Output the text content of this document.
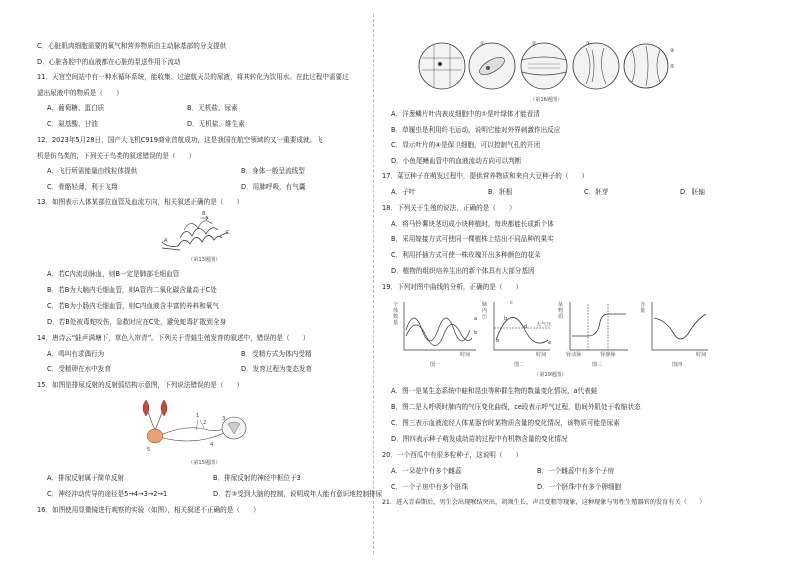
C．心脏肌肉细胞需要的氧气和营养物质由主动脉基部的分支提供
D．心脏各腔中的血液都在心脏的泵送作用下流动
11．天宫空间站中有一种水循环系统，能收集、过滤航天员的尿液，将其转化为饮用水。在此过程中需要过
滤出尿液中的物质是（　　）
A．葡萄糖、蛋白质	B．无机盐、尿素
C．氨基酸、甘油	D．无机盐、维生素
12．2023年5月28日，国产大飞机C919商业首航成功，这是我国在航空领域的又一重要成就。飞
机是仿鸟类的，下列关于鸟类的叙述错误的是（　　）
A．飞行所需能量由线粒体提供	B．身体一般呈流线型
C．骨骼轻薄，利于飞翔	D．用肺呼吸，有气囊
13．如图表示人体某部位血管及血流方向，相关叙述正确的是（　　）
B
A
C
（第13题图）
A．若C内流动脉血，则B一定是肺部毛细血管
B．若B为大脑内毛细血管，则A管内二氧化碳含量高于C处
C．若B为小肠内毛细血管，则C内血液含丰富的养料和氧气
D．若B处被毒蛇咬伤，急救时应在C处，避免蛇毒扩散到全身
14．唐诗云“蛙声满塘下，草色入帘青”。下列关于青蛙生殖发育的叙述中，错误的是（　　）
A．鸣叫有求偶行为	B．受精方式为体内受精
C．受精卵在水中发育	D．发育过程为变态发育
15．如图是排尿反射的反射弧结构示意图，下列说法错误的是（　　）
1
2
3
4
5
（第15题图）
A．排尿反射属于简单反射	B．排尿反射的神经中枢位于3
C．神经冲动传导的途径是5→4→3→2→1	D．若③受到大脑的控制，说明成年人能有意识地控制排尿
16．如图使用显微镜进行观察的实验（如图），相关叙述不正确的是（　　）
①	②	③
④
⑤
（第16题图）
A．洋葱鳞片叶内表皮细胞中的①是叶绿体才能看清
B．草履虫是利用纤毛运动，说明它能对外界刺激作出反应
C．显示叶片的④是保卫细胞，可以控制气孔的开闭
D．小鱼尾鳍血管中的血液流动方向可以判断
17．菜豆种子在萌发过程中，提供营养物质和来自大豆种子的（　　）
A．子叶	B．胚根	C．胚芽	D．胚轴
18．下列关于生殖的说法，正确的是（　　）
A．将马铃薯块茎切成小块种植时，每块都能长成新个体
B．采用嫁接方式可使同一棵植株上结出不同品种的果实
C．利用扦插方式可使一株玫瑰开出多种颜色的花朵
D．植物的组织培养生出的新个体具有大部分基因
19．下列对图中曲线的分析，正确的是（　　）
个体数量
a
b
时间
图一
肺内压
a
b
c
d
e
大气压
时间
图二
某物质
肾动脉	肾静脉
图三
含量
时间
图四
（第19题图）
A．图一是某生态系统中蛙和昆虫等种群生物的数量变化情况，a代表蛙
B．图二是人呼吸时肺内的气压变化曲线，ce段表示呼气过程，肋间外肌处于收缩状态
C．图三表示血液流经人体某器官时某物质含量的变化情况，该物质可能是尿素
D．图四表示种子萌发成幼苗的过程中有机物含量的变化情况
20．一个西瓜中有很多粒种子，这说明（　　）
A．一朵花中有多个雌蕊	B．一个雌蕊中有多个子房
C．一个子房中有多个胚珠	D．一个胚珠中有多个卵细胞
21．进入青春期后，男生会出现喉结突出、胡须生长、声音变粗等现象，这种现象与男性生殖器官的发育有关（　　）
